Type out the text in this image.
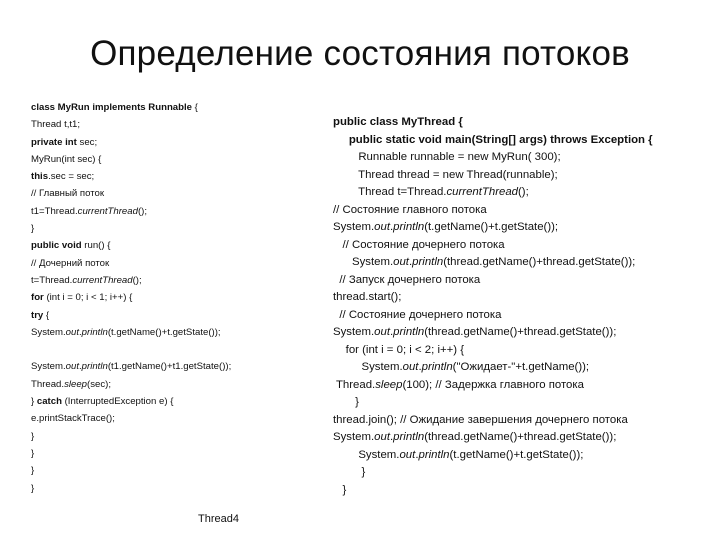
Определение состояния потоков
class MyRun implements Runnable {
Thread t,t1;
private int sec;
MyRun(int sec) {
this.sec = sec;
// Главный поток
t1=Thread.currentThread();
}
public void run() {
// Дочерний поток
t=Thread.currentThread();
for (int i = 0; i < 1; i++) {
try {
System.out.println(t.getName()+t.getState());

System.out.println(t1.getName()+t1.getState());
Thread.sleep(sec);
} catch (InterruptedException e) {
e.printStackTrace();
}
}
}
}
public class MyThread {
public static void main(String[] args) throws Exception {
Runnable runnable = new MyRun( 300);
Thread thread = new Thread(runnable);
Thread t=Thread.currentThread();
// Состояние главного потока
System.out.println(t.getName()+t.getState());
// Состояние дочернего потока
System.out.println(thread.getName()+thread.getState());
// Запуск дочернего потока
thread.start();
// Состояние дочернего потока
System.out.println(thread.getName()+thread.getState());
for (int i = 0; i < 2; i++) {
System.out.println("Ожидает-"+t.getName());
Thread.sleep(100); // Задержка главного потока
}
thread.join(); // Ожидание завершения дочернего потока
System.out.println(thread.getName()+thread.getState());
System.out.println(t.getName()+t.getState());
}
}
Thread4
